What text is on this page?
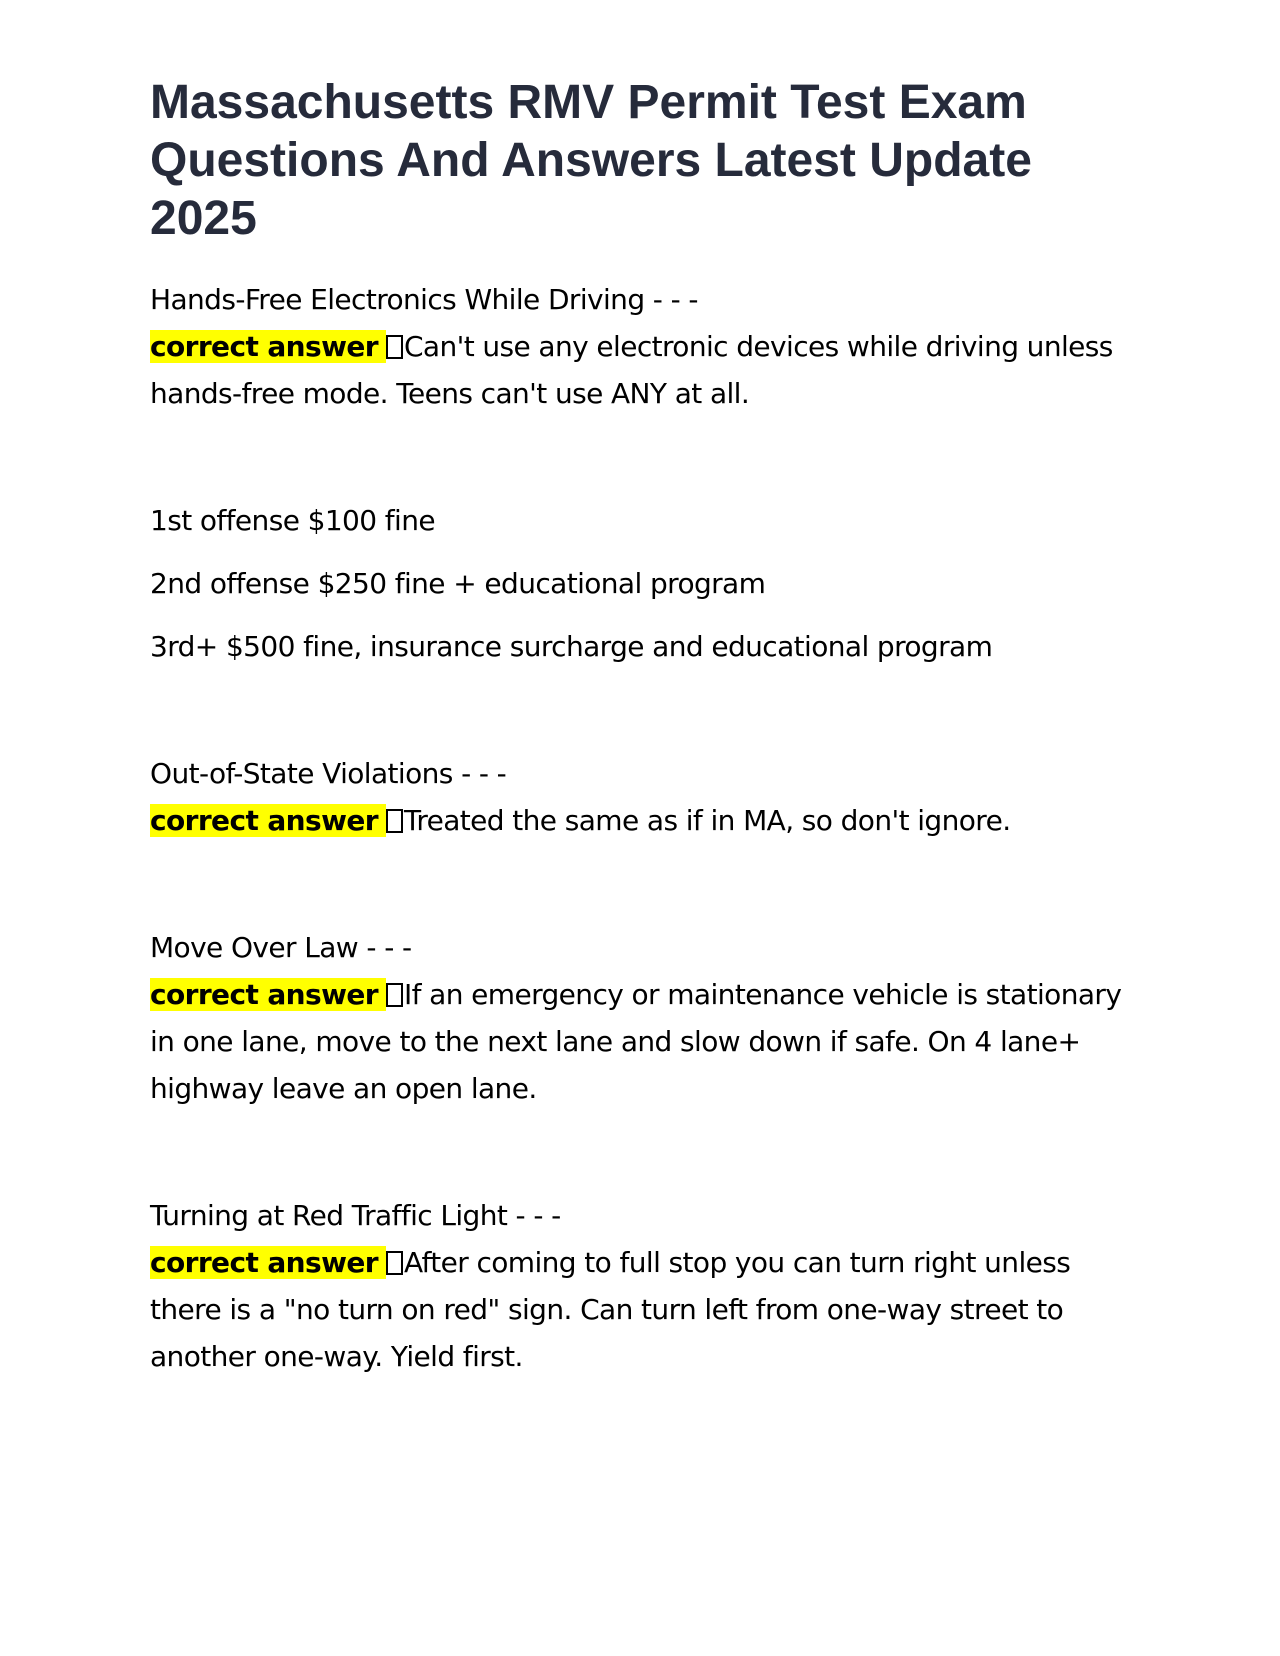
Massachusetts RMV Permit Test Exam Questions And Answers Latest Update 2025
Hands-Free Electronics While Driving - - -
correct answer Can't use any electronic devices while driving unless hands-free mode. Teens can't use ANY at all.
1st offense $100 fine
2nd offense $250 fine + educational program
3rd+ $500 fine, insurance surcharge and educational program
Out-of-State Violations - - -
correct answer Treated the same as if in MA, so don't ignore.
Move Over Law - - -
correct answer If an emergency or maintenance vehicle is stationary in one lane, move to the next lane and slow down if safe. On 4 lane+ highway leave an open lane.
Turning at Red Traffic Light - - -
correct answer After coming to full stop you can turn right unless there is a "no turn on red" sign. Can turn left from one-way street to another one-way. Yield first.
